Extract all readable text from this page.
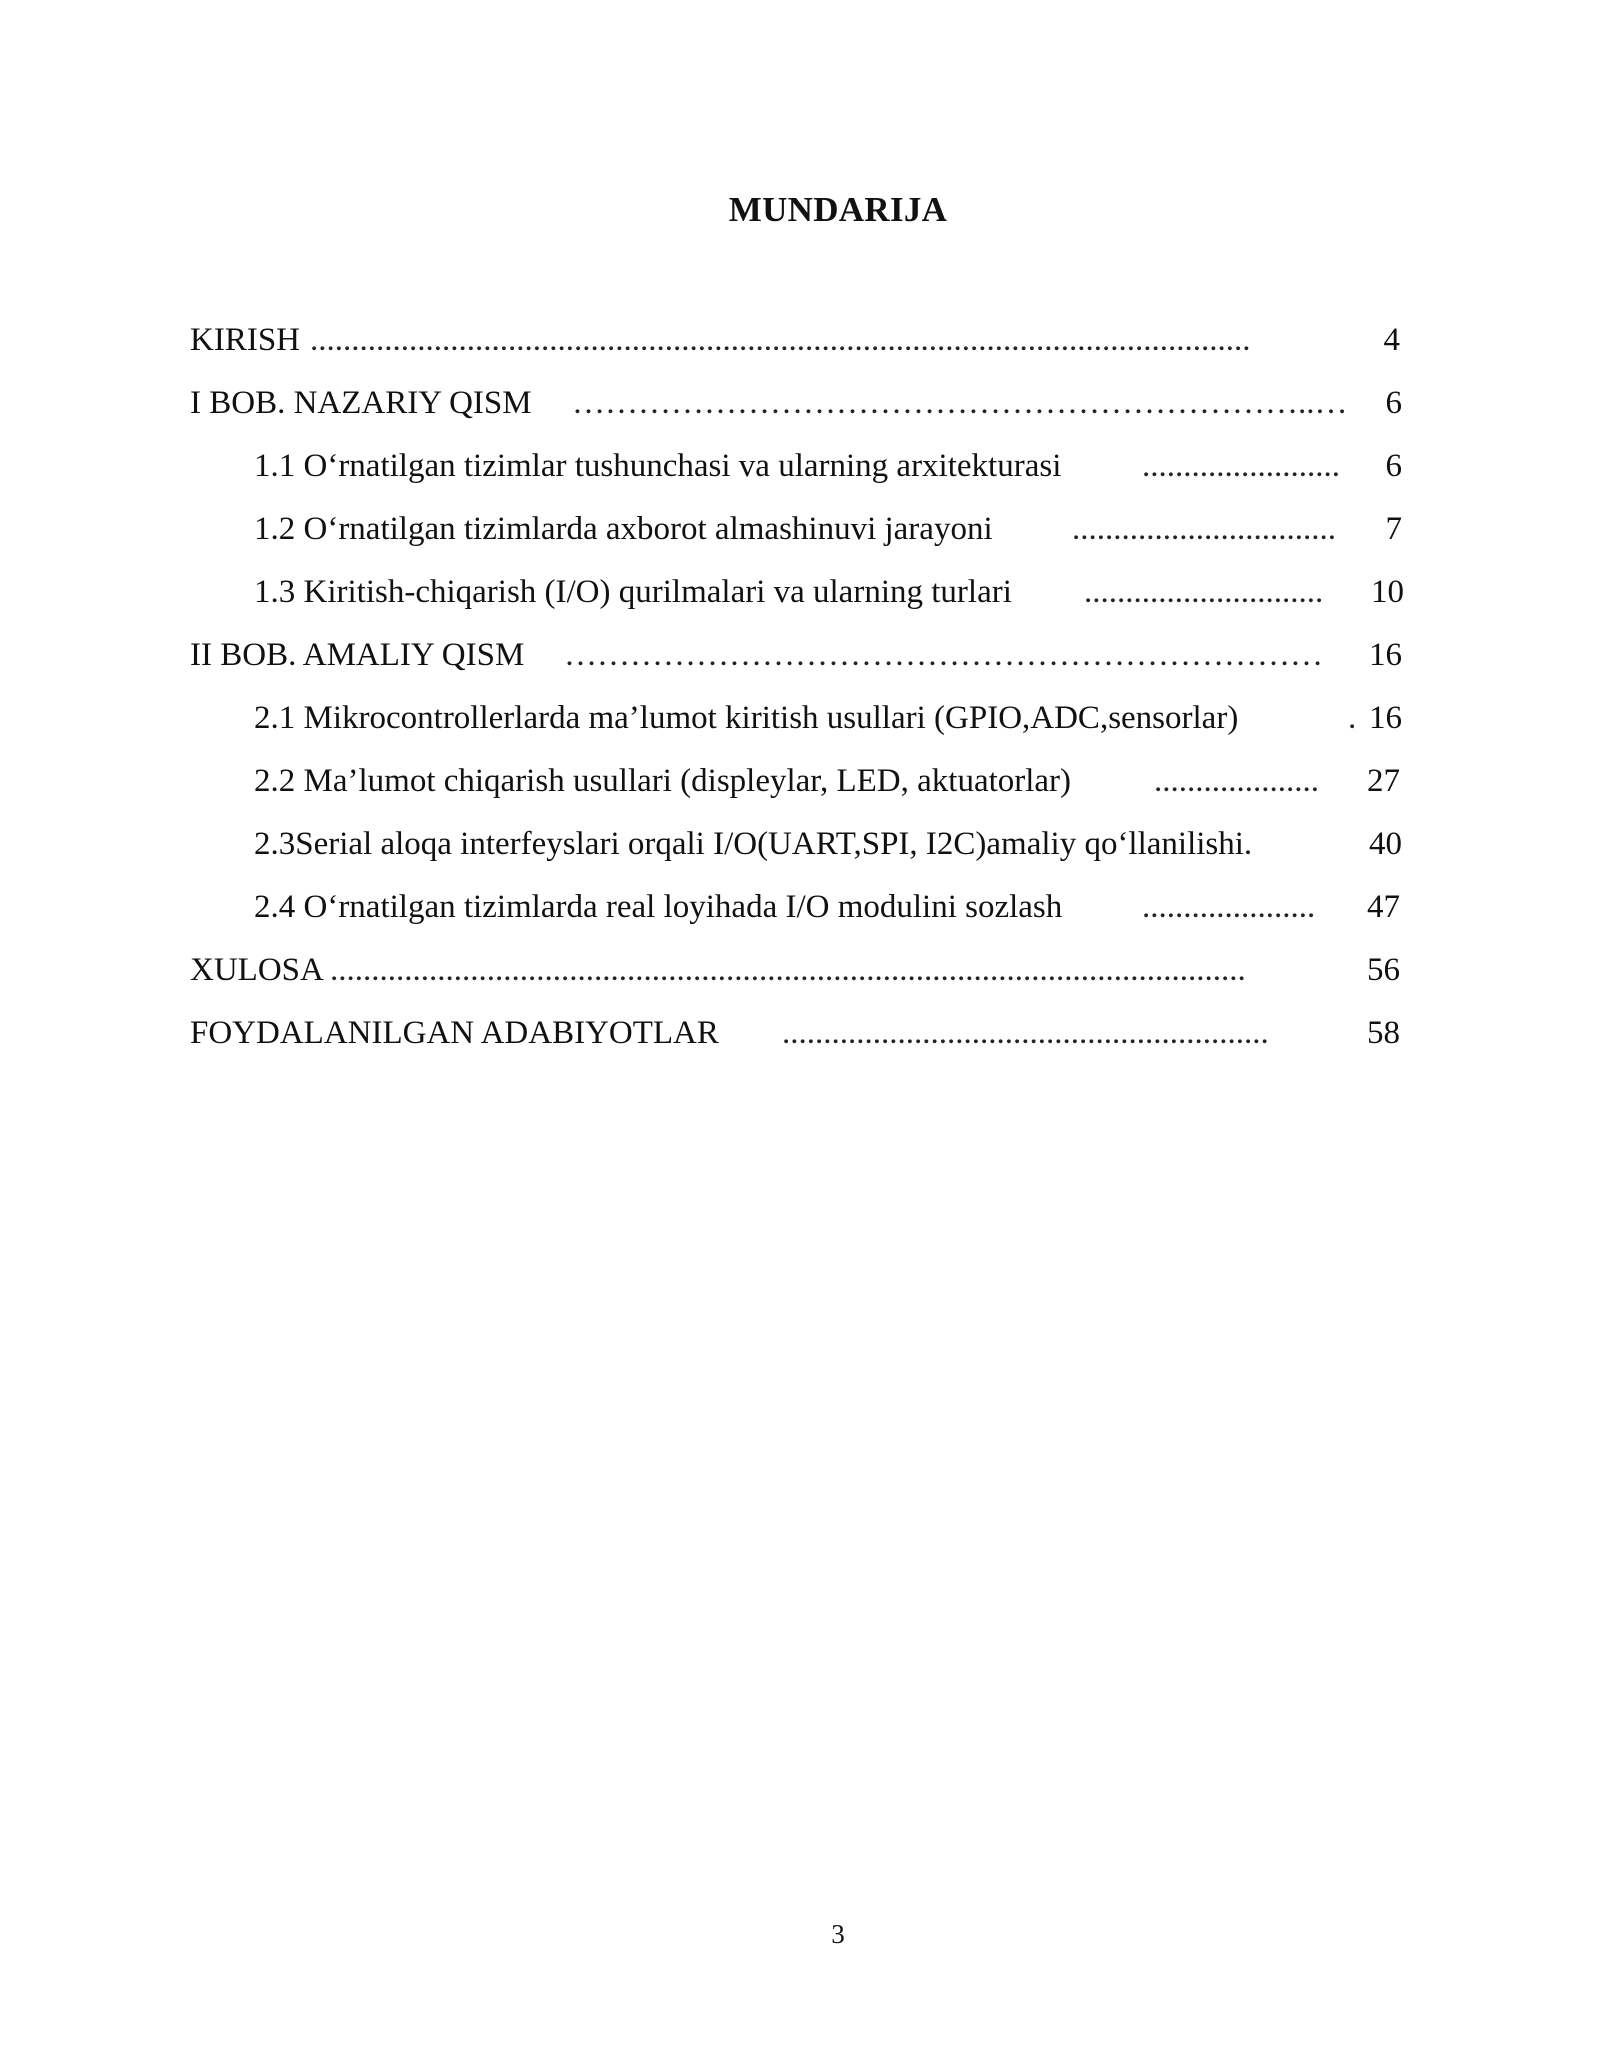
MUNDARIJA
KIRISH ..................................................................................................................	4
I BOB. NAZARIY QISM …………………………………………………………..…	6
1.1 O‘rnatilgan tizimlar tushunchasi va ularning arxitekturasi ........................	6
1.2 O‘rnatilgan tizimlarda axborot almashinuvi jarayoni ................................	7
1.3 Kiritish-chiqarish (I/O) qurilmalari va ularning turlari .............................	10
II BOB. AMALIY QISM ……………………………………………………………	16
2.1 Mikrocontrollerlarda ma’lumot kiritish usullari (GPIO,ADC,sensorlar)	. 16
2.2 Ma’lumot chiqarish usullari (displeylar, LED, aktuatorlar)	....................	27
2.3Serial aloqa interfeyslari orqali I/O(UART,SPI, I2C)amaliy qo‘llanilishi.	40
2.4 O‘rnatilgan tizimlarda real loyihada I/O modulini sozlash .....................	47
XULOSA ...............................................................................................................	56
FOYDALANILGAN ADABIYOTLAR ...........................................................	58
3
